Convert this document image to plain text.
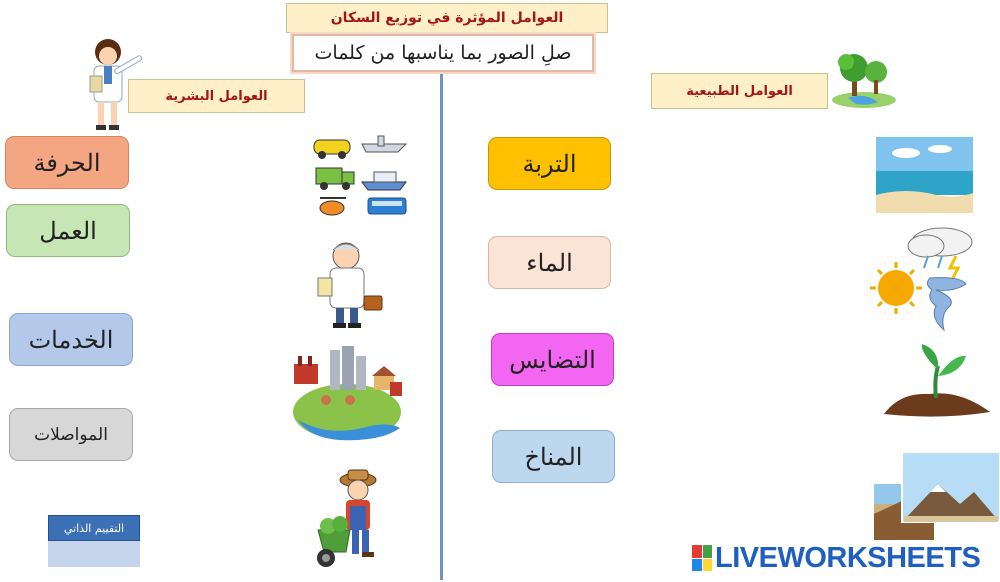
العوامل المؤثرة في توزيع السكان
صلِ الصور بما يناسبها من كلمات
العوامل البشرية	العوامل الطبيعية
الحرفة
العمل
الخدمات
المواصلات
التربة
الماء
التضايس
المناخ
التقييم الذاتي
LIVEWORKSHEETS
